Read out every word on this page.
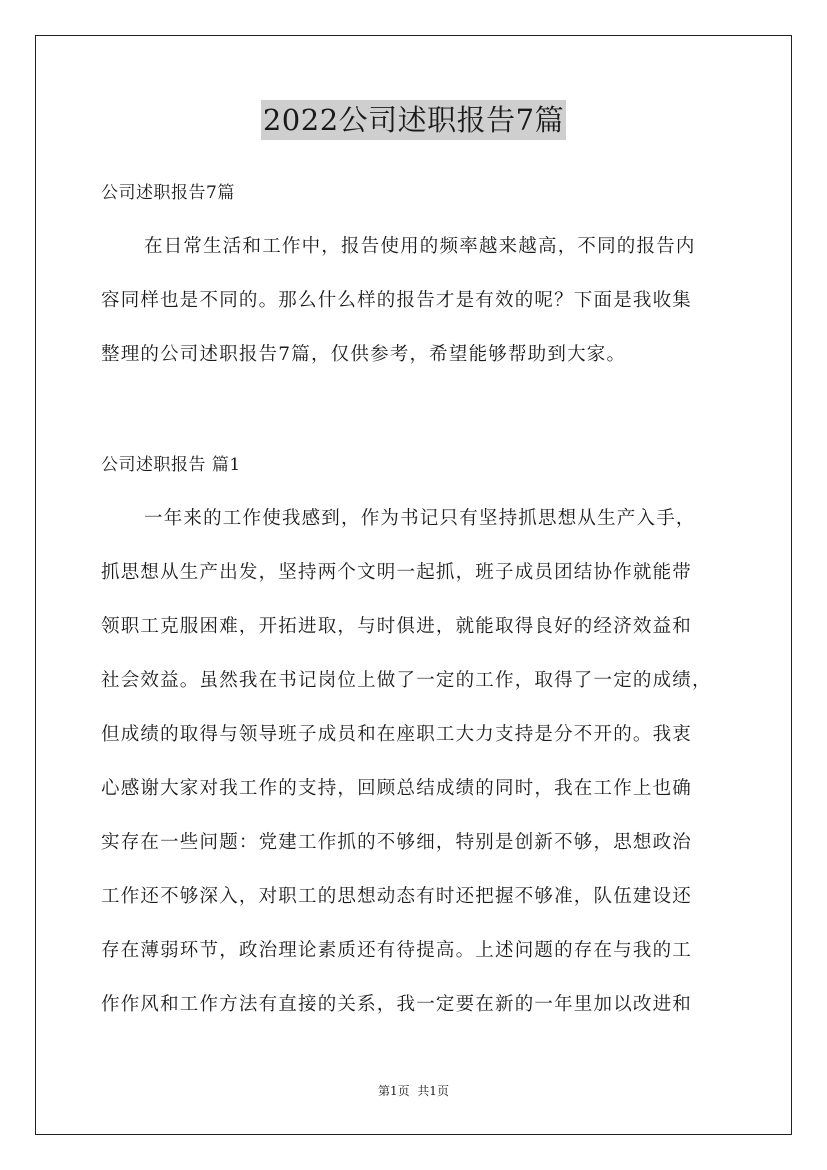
2022公司述职报告7篇
公司述职报告7篇
在日常生活和工作中，报告使用的频率越来越高，不同的报告内
容同样也是不同的。那么什么样的报告才是有效的呢？下面是我收集
整理的公司述职报告7篇，仅供参考，希望能够帮助到大家。
公司述职报告 篇1
一年来的工作使我感到，作为书记只有坚持抓思想从生产入手，
抓思想从生产出发，坚持两个文明一起抓，班子成员团结协作就能带
领职工克服困难，开拓进取，与时俱进，就能取得良好的经济效益和
社会效益。虽然我在书记岗位上做了一定的工作，取得了一定的成绩，
但成绩的取得与领导班子成员和在座职工大力支持是分不开的。我衷
心感谢大家对我工作的支持，回顾总结成绩的同时，我在工作上也确
实存在一些问题：党建工作抓的不够细，特别是创新不够，思想政治
工作还不够深入，对职工的思想动态有时还把握不够准，队伍建设还
存在薄弱环节，政治理论素质还有待提高。上述问题的存在与我的工
作作风和工作方法有直接的关系，我一定要在新的一年里加以改进和
第1页  共1页
